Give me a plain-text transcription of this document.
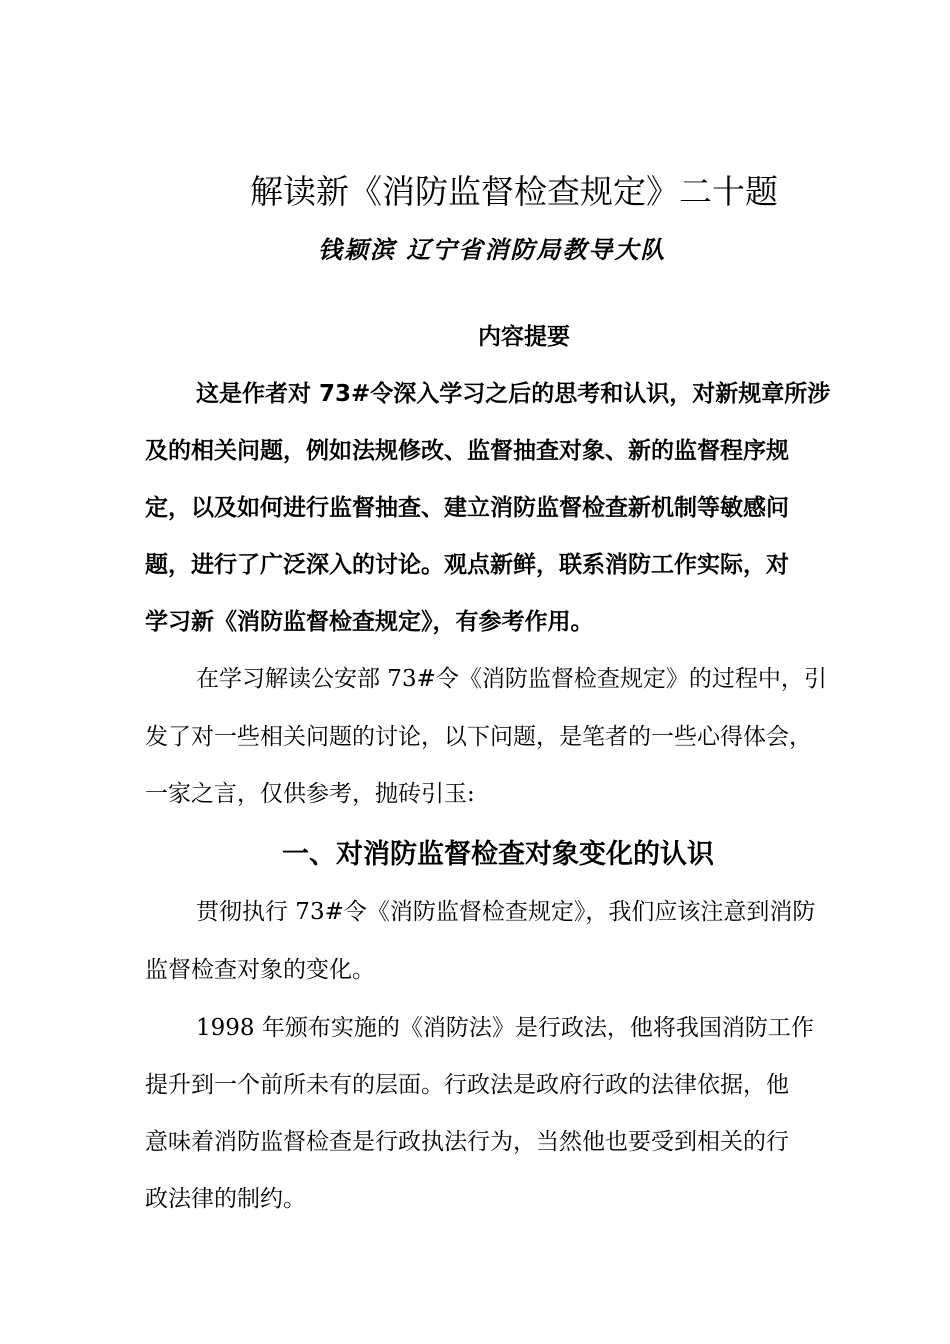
解读新《消防监督检查规定》二十题
钱颖滨 辽宁省消防局教导大队
内容提要
这是作者对 73#令深入学习之后的思考和认识，对新规章所涉
及的相关问题，例如法规修改、监督抽查对象、新的监督程序规
定，以及如何进行监督抽查、建立消防监督检查新机制等敏感问
题，进行了广泛深入的讨论。观点新鲜，联系消防工作实际，对
学习新《消防监督检查规定》，有参考作用。
在学习解读公安部 73#令《消防监督检查规定》的过程中，引
发了对一些相关问题的讨论，以下问题，是笔者的一些心得体会，
一家之言，仅供参考，抛砖引玉:
一、对消防监督检查对象变化的认识
贯彻执行 73#令《消防监督检查规定》，我们应该注意到消防
监督检查对象的变化。
1998 年颁布实施的《消防法》是行政法，他将我国消防工作
提升到一个前所未有的层面。行政法是政府行政的法律依据，他
意味着消防监督检查是行政执法行为，当然他也要受到相关的行
政法律的制约。
